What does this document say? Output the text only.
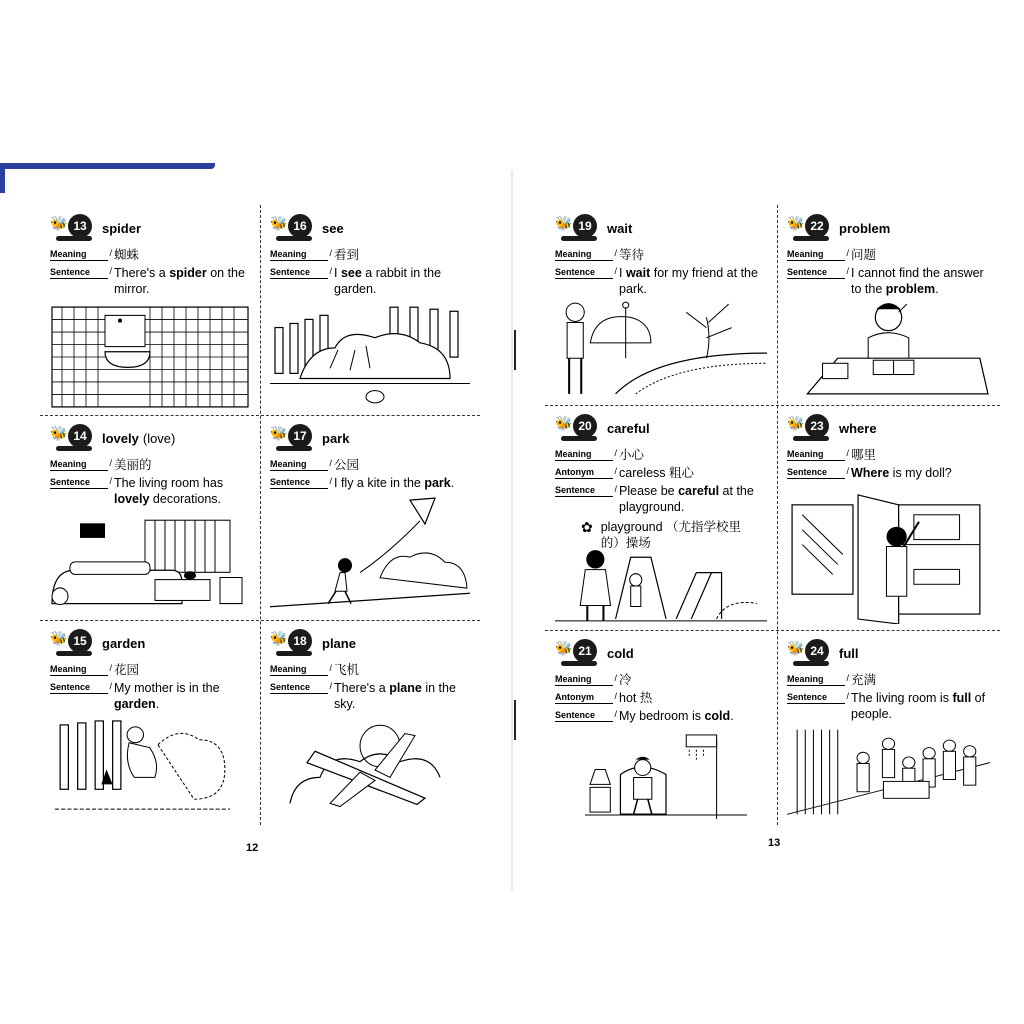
🐝 13	spider
Meaning /	蜘蛛
Sentence /	There's a spider on the mirror.
🐝 16	see
Meaning /	看到
Sentence /	I see a rabbit in the garden.
🐝 14	lovely (love)
Meaning /	美丽的
Sentence /	The living room has lovely decorations.
🐝 17	park
Meaning /	公园
Sentence /	I fly a kite in the park.
🐝 15	garden
Meaning /	花园
Sentence /	My mother is in the garden.
🐝 18	plane
Meaning /	飞机
Sentence /	There's a plane in the sky.
12
🐝 19	wait
Meaning /	等待
Sentence /	I wait for my friend at the park.
🐝 22	problem
Meaning /	问题
Sentence /	I cannot find the answer to the problem.
🐝 20	careful
Meaning /	小心
Antonym /	careless 粗心
Sentence /	Please be careful at the playground.
✿ playground （尤指学校里的）操场
🐝 23	where
Meaning /	哪里
Sentence /	Where is my doll?
🐝 21	cold
Meaning /	冷
Antonym /	hot 热
Sentence /	My bedroom is cold.
🐝 24	full
Meaning /	充满
Sentence /	The living room is full of people.
13
